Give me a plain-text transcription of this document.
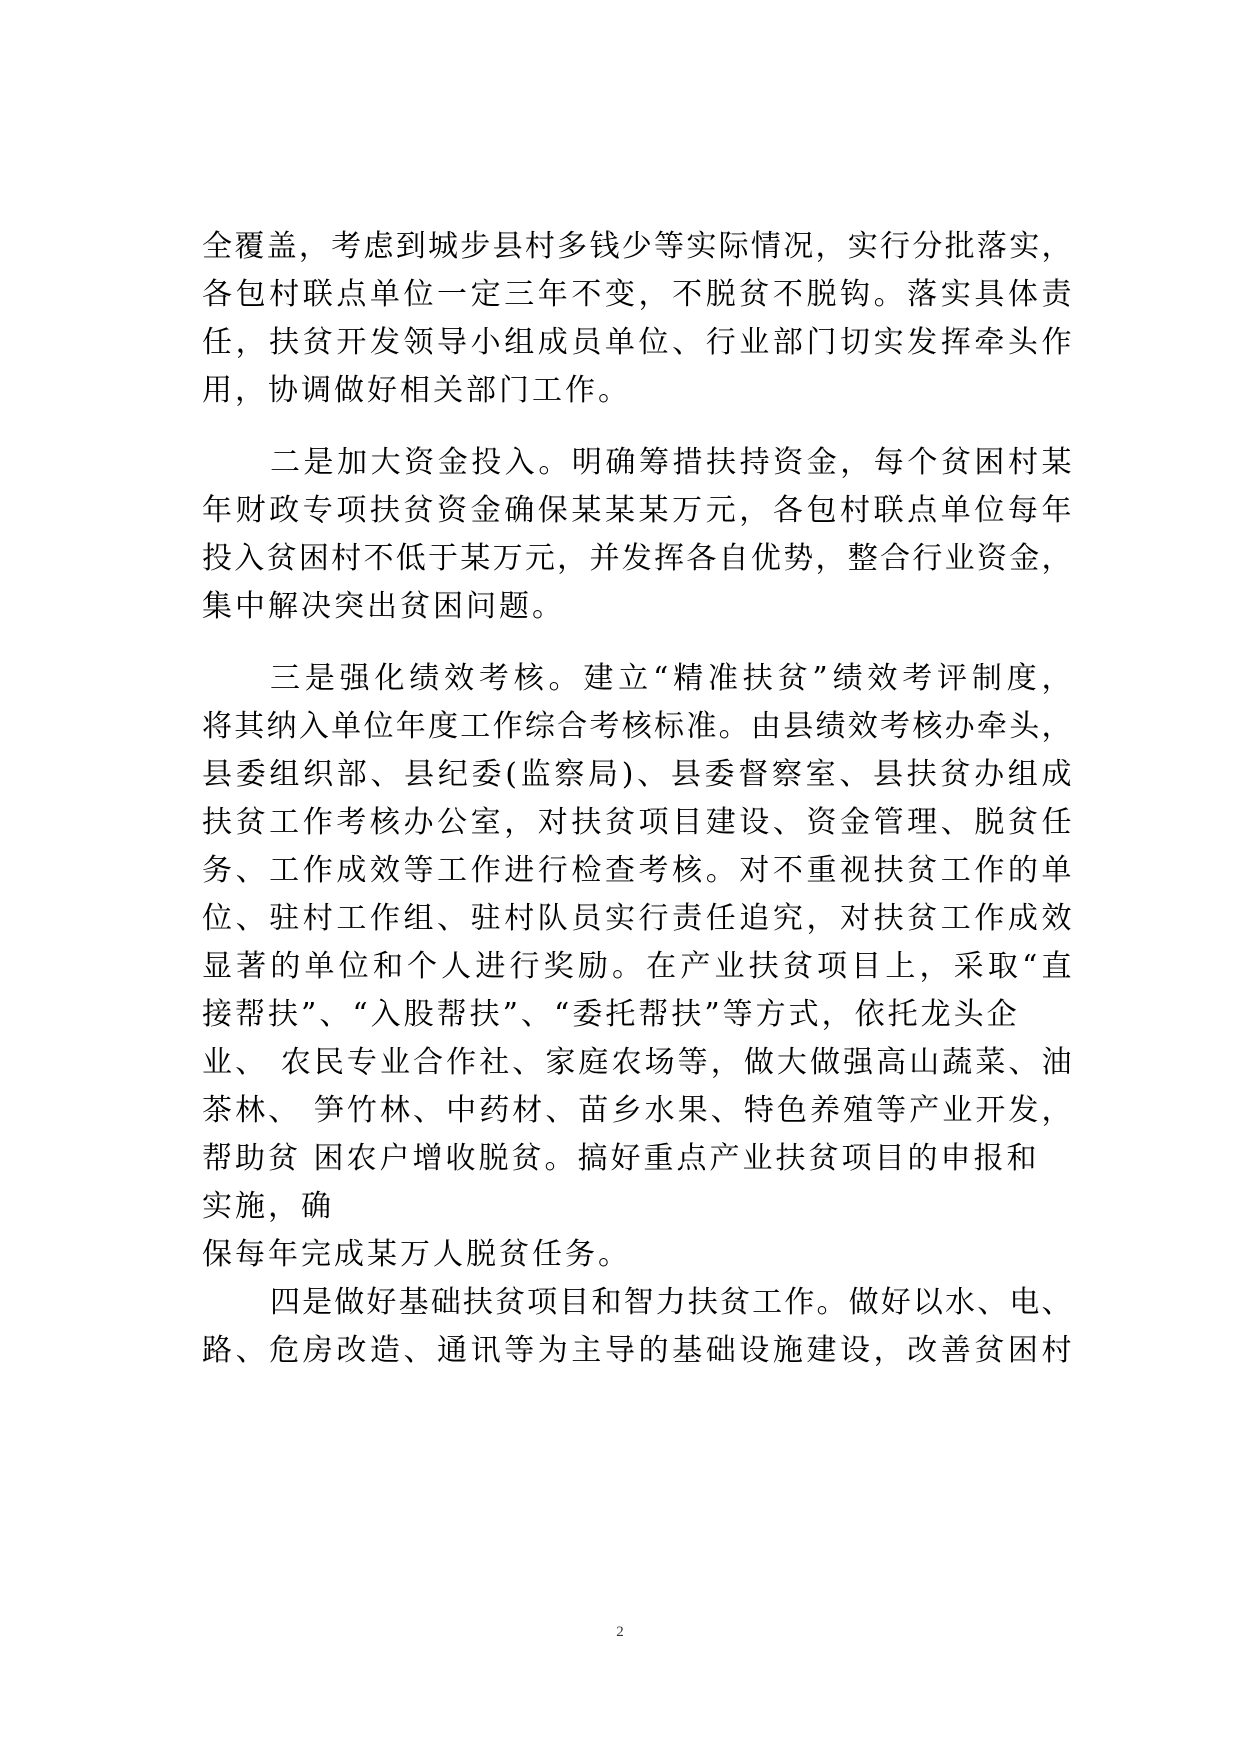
全覆盖，考虑到城步县村多钱少等实际情况，实行分批落实，
各包村联点单位一定三年不变，不脱贫不脱钩。落实具体责
任，扶贫开发领导小组成员单位、行业部门切实发挥牵头作
用，协调做好相关部门工作。
二是加大资金投入。明确筹措扶持资金，每个贫困村某
年财政专项扶贫资金确保某某某万元，各包村联点单位每年
投入贫困村不低于某万元，并发挥各自优势，整合行业资金，
集中解决突出贫困问题。
三是强化绩效考核。建立“精准扶贫”绩效考评制度，
将其纳入单位年度工作综合考核标准。由县绩效考核办牵头，
县委组织部、县纪委(监察局)、县委督察室、县扶贫办组成
扶贫工作考核办公室，对扶贫项目建设、资金管理、脱贫任
务、工作成效等工作进行检查考核。对不重视扶贫工作的单
位、驻村工作组、驻村队员实行责任追究，对扶贫工作成效
显著的单位和个人进行奖励。在产业扶贫项目上，采取“直
接帮扶”、“入股帮扶”、“委托帮扶”等方式，依托龙头企
业、 农民专业合作社、家庭农场等，做大做强高山蔬菜、油
茶林、 笋竹林、中药材、苗乡水果、特色养殖等产业开发，
帮助贫 困农户增收脱贫。搞好重点产业扶贫项目的申报和
实施，确
保每年完成某万人脱贫任务。
四是做好基础扶贫项目和智力扶贫工作。做好以水、电、
路、危房改造、通讯等为主导的基础设施建设，改善贫困村
2
